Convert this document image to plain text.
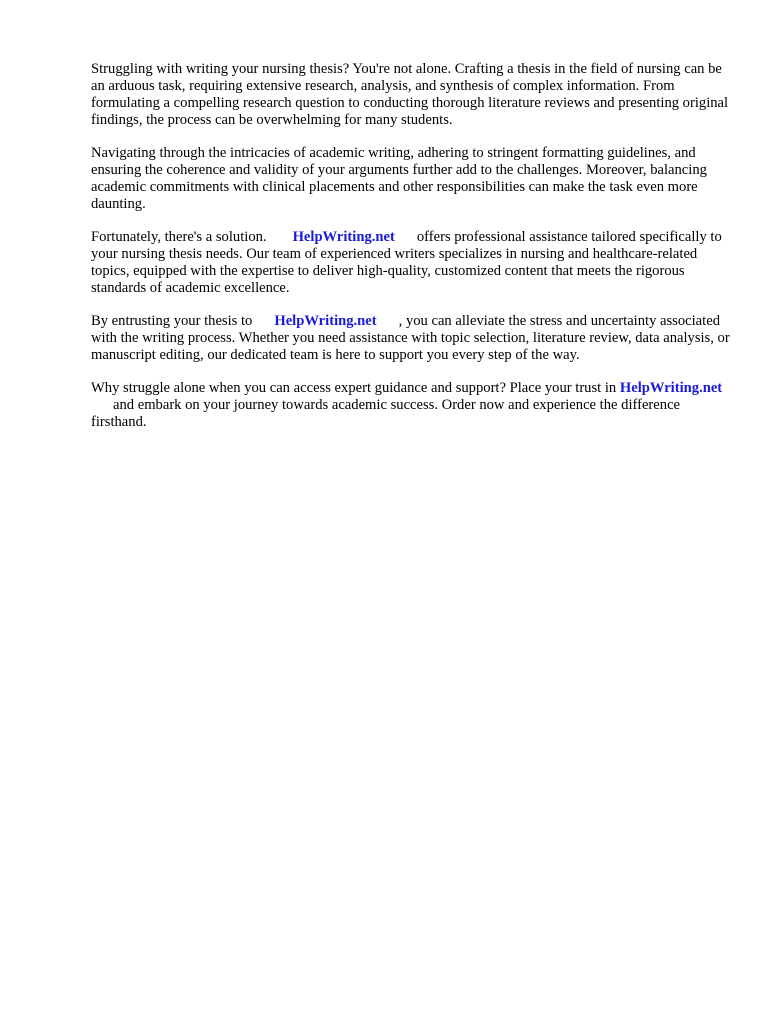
Struggling with writing your nursing thesis? You're not alone. Crafting a thesis in the field of nursing can be an arduous task, requiring extensive research, analysis, and synthesis of complex information. From formulating a compelling research question to conducting thorough literature reviews and presenting original findings, the process can be overwhelming for many students.

Navigating through the intricacies of academic writing, adhering to stringent formatting guidelines, and ensuring the coherence and validity of your arguments further add to the challenges. Moreover, balancing academic commitments with clinical placements and other responsibilities can make the task even more daunting.

Fortunately, there's a solution. HelpWriting.net offers professional assistance tailored specifically to your nursing thesis needs. Our team of experienced writers specializes in nursing and healthcare-related topics, equipped with the expertise to deliver high-quality, customized content that meets the rigorous standards of academic excellence.

By entrusting your thesis to HelpWriting.net , you can alleviate the stress and uncertainty associated with the writing process. Whether you need assistance with topic selection, literature review, data analysis, or manuscript editing, our dedicated team is here to support you every step of the way.

Why struggle alone when you can access expert guidance and support? Place your trust in HelpWriting.netand embark on your journey towards academic success. Order now and experience the difference firsthand.
